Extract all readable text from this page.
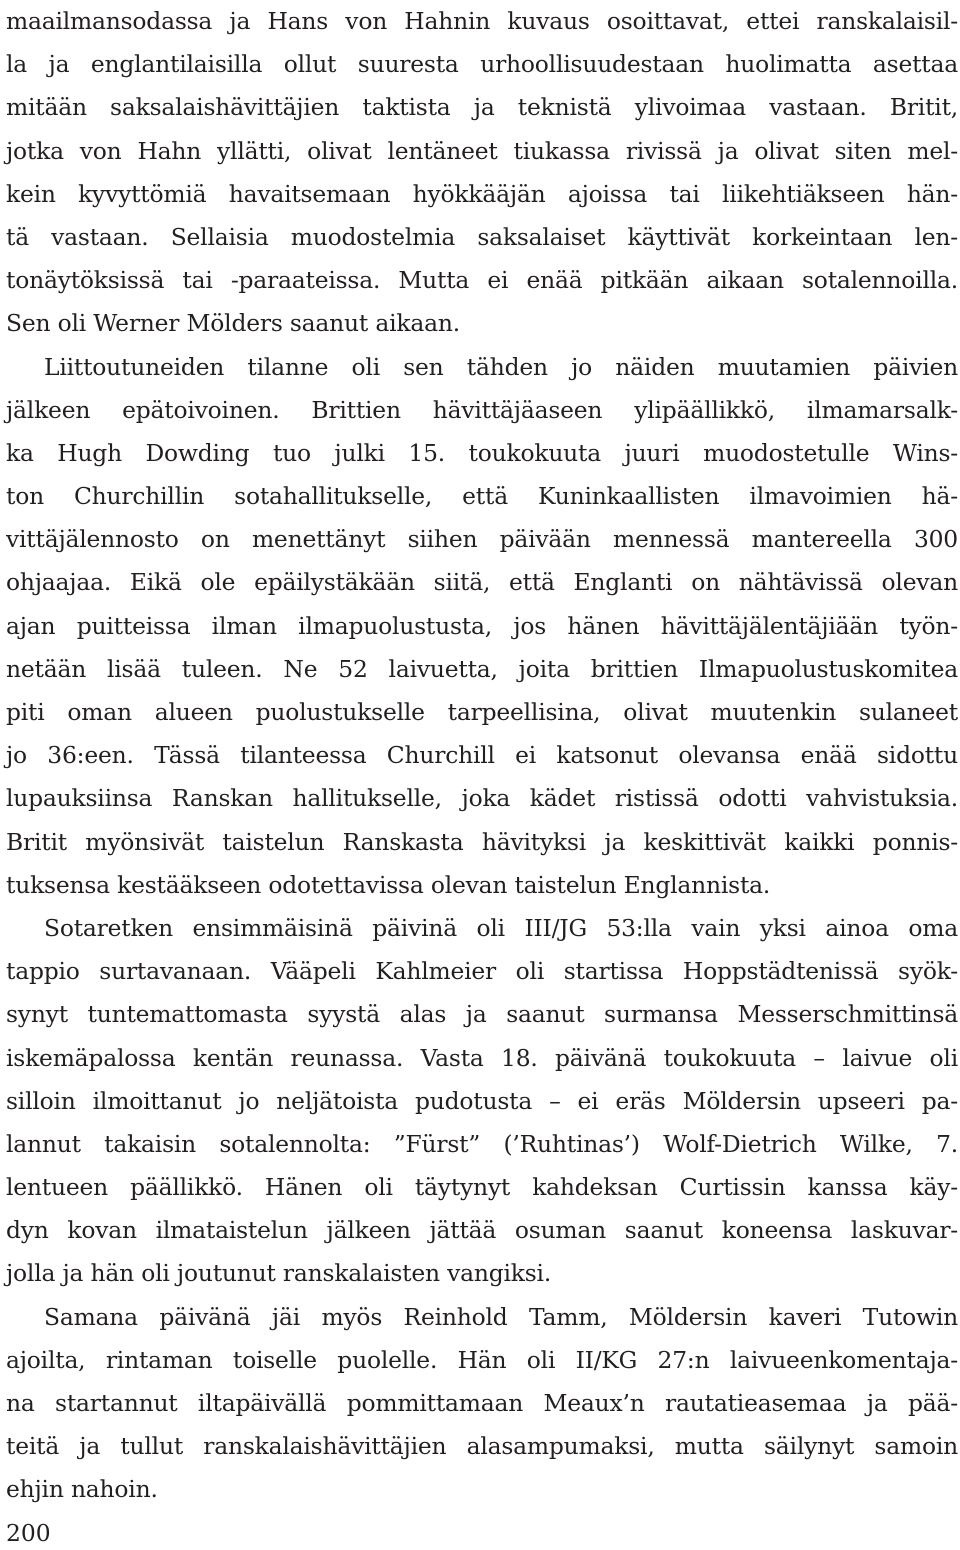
maailmansodassa ja Hans von Hahnin kuvaus osoittavat, ettei ranskalaisil-
la ja englantilaisilla ollut suuresta urhoollisuudestaan huolimatta asettaa
mitään saksalaishävittäjien taktista ja teknistä ylivoimaa vastaan. Britit,
jotka von Hahn yllätti, olivat lentäneet tiukassa rivissä ja olivat siten mel-
kein kyvyttömiä havaitsemaan hyökkääjän ajoissa tai liikehtiäkseen hän-
tä vastaan. Sellaisia muodostelmia saksalaiset käyttivät korkeintaan len-
tonäytöksissä tai -paraateissa. Mutta ei enää pitkään aikaan sotalennoilla.
Sen oli Werner Mölders saanut aikaan.
Liittoutuneiden tilanne oli sen tähden jo näiden muutamien päivien
jälkeen epätoivoinen. Brittien hävittäjäaseen ylipäällikkö, ilmamarsalk-
ka Hugh Dowding tuo julki 15. toukokuuta juuri muodostetulle Wins-
ton Churchillin sotahallitukselle, että Kuninkaallisten ilmavoimien hä-
vittäjälennosto on menettänyt siihen päivään mennessä mantereella 300
ohjaajaa. Eikä ole epäilystäkään siitä, että Englanti on nähtävissä olevan
ajan puitteissa ilman ilmapuolustusta, jos hänen hävittäjälentäjiään työn-
netään lisää tuleen. Ne 52 laivuetta, joita brittien Ilmapuolustuskomitea
piti oman alueen puolustukselle tarpeellisina, olivat muutenkin sulaneet
jo 36:een. Tässä tilanteessa Churchill ei katsonut olevansa enää sidottu
lupauksiinsa Ranskan hallitukselle, joka kädet ristissä odotti vahvistuksia.
Britit myönsivät taistelun Ranskasta hävityksi ja keskittivät kaikki ponnis-
tuksensa kestääkseen odotettavissa olevan taistelun Englannista.
Sotaretken ensimmäisinä päivinä oli III/JG 53:lla vain yksi ainoa oma
tappio surtavanaan. Vääpeli Kahlmeier oli startissa Hoppstädtenissä syök-
synyt tuntemattomasta syystä alas ja saanut surmansa Messerschmittinsä
iskemäpalossa kentän reunassa. Vasta 18. päivänä toukokuuta – laivue oli
silloin ilmoittanut jo neljätoista pudotusta – ei eräs Möldersin upseeri pa-
lannut takaisin sotalennolta: ”Fürst” (’Ruhtinas’) Wolf-Dietrich Wilke, 7.
lentueen päällikkö. Hänen oli täytynyt kahdeksan Curtissin kanssa käy-
dyn kovan ilmataistelun jälkeen jättää osuman saanut koneensa laskuvar-
jolla ja hän oli joutunut ranskalaisten vangiksi.
Samana päivänä jäi myös Reinhold Tamm, Möldersin kaveri Tutowin
ajoilta, rintaman toiselle puolelle. Hän oli II/KG 27:n laivueenkomentaja-
na startannut iltapäivällä pommittamaan Meaux’n rautatieasemaa ja pää-
teitä ja tullut ranskalaishävittäjien alasampumaksi, mutta säilynyt samoin
ehjin nahoin.
200
